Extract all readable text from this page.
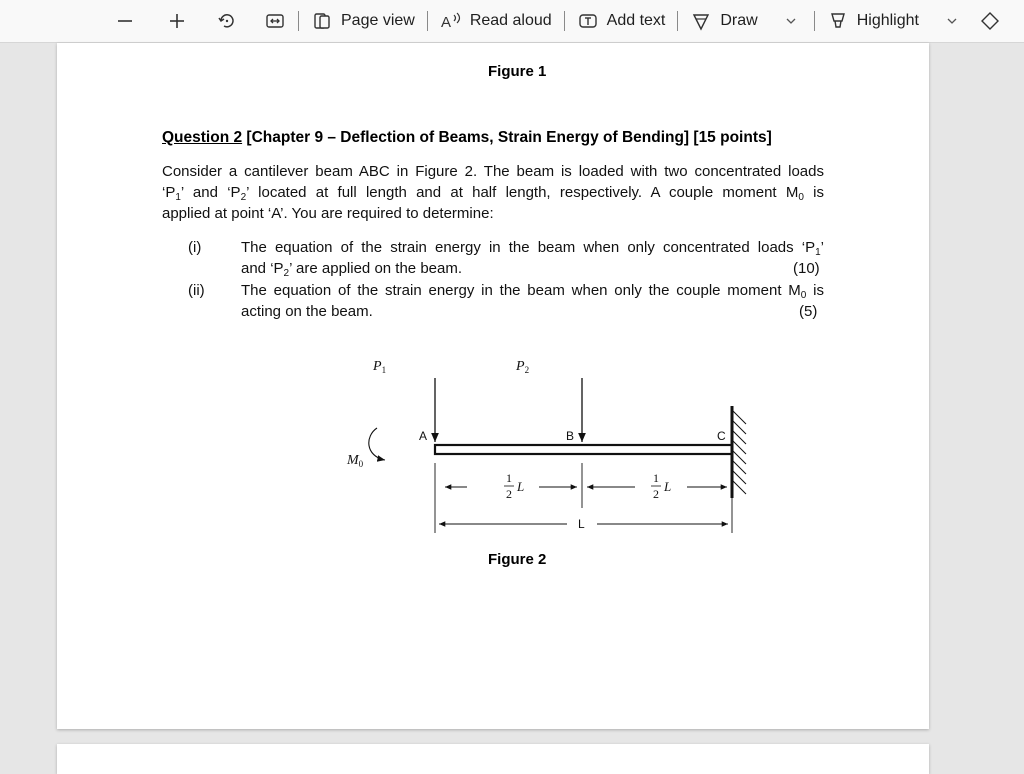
Page view A Read aloud	Add text	Draw	Highlight
Figure 1
Question 2 [Chapter 9 – Deflection of Beams, Strain Energy of Bending] [15 points]
Consider a cantilever beam ABC in Figure 2. The beam is loaded with two concentrated loads
‘$P_1$’ and ‘$P_2$’ located at full length and at half length, respectively. A couple moment $M_0$ is
applied at point ‘A’. You are required to determine:
(i)	The equation of the strain energy in the beam when only concentrated loads ‘$P_1$’
and ‘$P_2$’ are applied on the beam.	(10)
(ii) The equation of the strain energy in the beam when only the couple moment $M_0$ is
acting on the beam.	(5)
$P_1$	$P_2$
A	B	C
$M_0$
1
2 L
1
2 L
L
Figure 2
